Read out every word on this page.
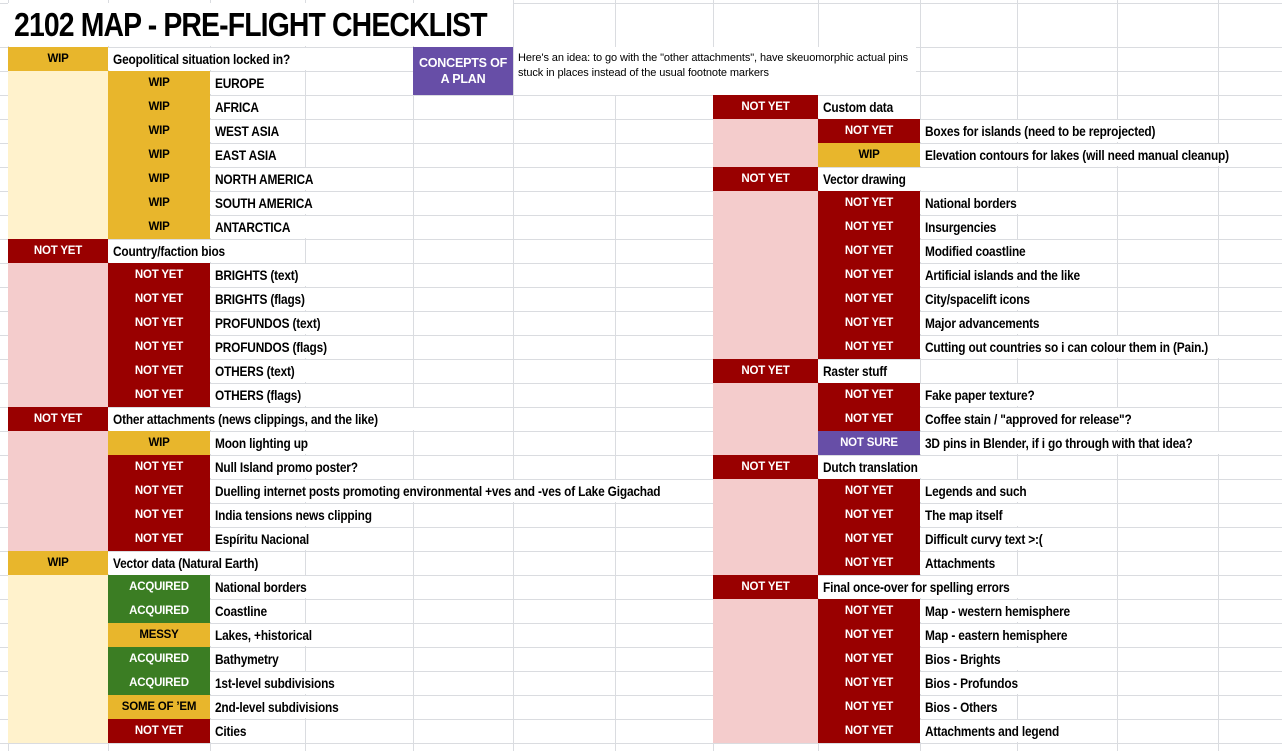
2102 MAP - PRE-FLIGHT CHECKLIST
CONCEPTS OF A PLAN
Here's an idea: to go with the "other attachments", have skeuomorphic actual pins stuck in places instead of the usual footnote markers
WIP	Geopolitical situation locked in?
WIP	EUROPE
WIP	AFRICA
WIP	WEST ASIA
WIP	EAST ASIA
WIP	NORTH AMERICA
WIP	SOUTH AMERICA
WIP	ANTARCTICA
NOT YET	Country/faction bios
NOT YET	BRIGHTS (text)
NOT YET	BRIGHTS (flags)
NOT YET	PROFUNDOS (text)
NOT YET	PROFUNDOS (flags)
NOT YET	OTHERS (text)
NOT YET	OTHERS (flags)
NOT YET	Other attachments (news clippings, and the like)
WIP	Moon lighting up
NOT YET	Null Island promo poster?
NOT YET	Duelling internet posts promoting environmental +ves and -ves of Lake Gigachad
NOT YET	India tensions news clipping
NOT YET	Espíritu Nacional
WIP	Vector data (Natural Earth)
ACQUIRED	National borders
ACQUIRED	Coastline
MESSY	Lakes, +historical
ACQUIRED	Bathymetry
ACQUIRED	1st-level subdivisions
SOME OF ’EM	2nd-level subdivisions
NOT YET	Cities
NOT YET	Custom data
NOT YET	Boxes for islands (need to be reprojected)
WIP	Elevation contours for lakes (will need manual cleanup)
NOT YET	Vector drawing
NOT YET	National borders
NOT YET	Insurgencies
NOT YET	Modified coastline
NOT YET	Artificial islands and the like
NOT YET	City/spacelift icons
NOT YET	Major advancements
NOT YET	Cutting out countries so i can colour them in (Pain.)
NOT YET	Raster stuff
NOT YET	Fake paper texture?
NOT YET	Coffee stain / "approved for release"?
NOT SURE	3D pins in Blender, if i go through with that idea?
NOT YET	Dutch translation
NOT YET	Legends and such
NOT YET	The map itself
NOT YET	Difficult curvy text >:(
NOT YET	Attachments
NOT YET	Final once-over for spelling errors
NOT YET	Map - western hemisphere
NOT YET	Map - eastern hemisphere
NOT YET	Bios - Brights
NOT YET	Bios - Profundos
NOT YET	Bios - Others
NOT YET	Attachments and legend
